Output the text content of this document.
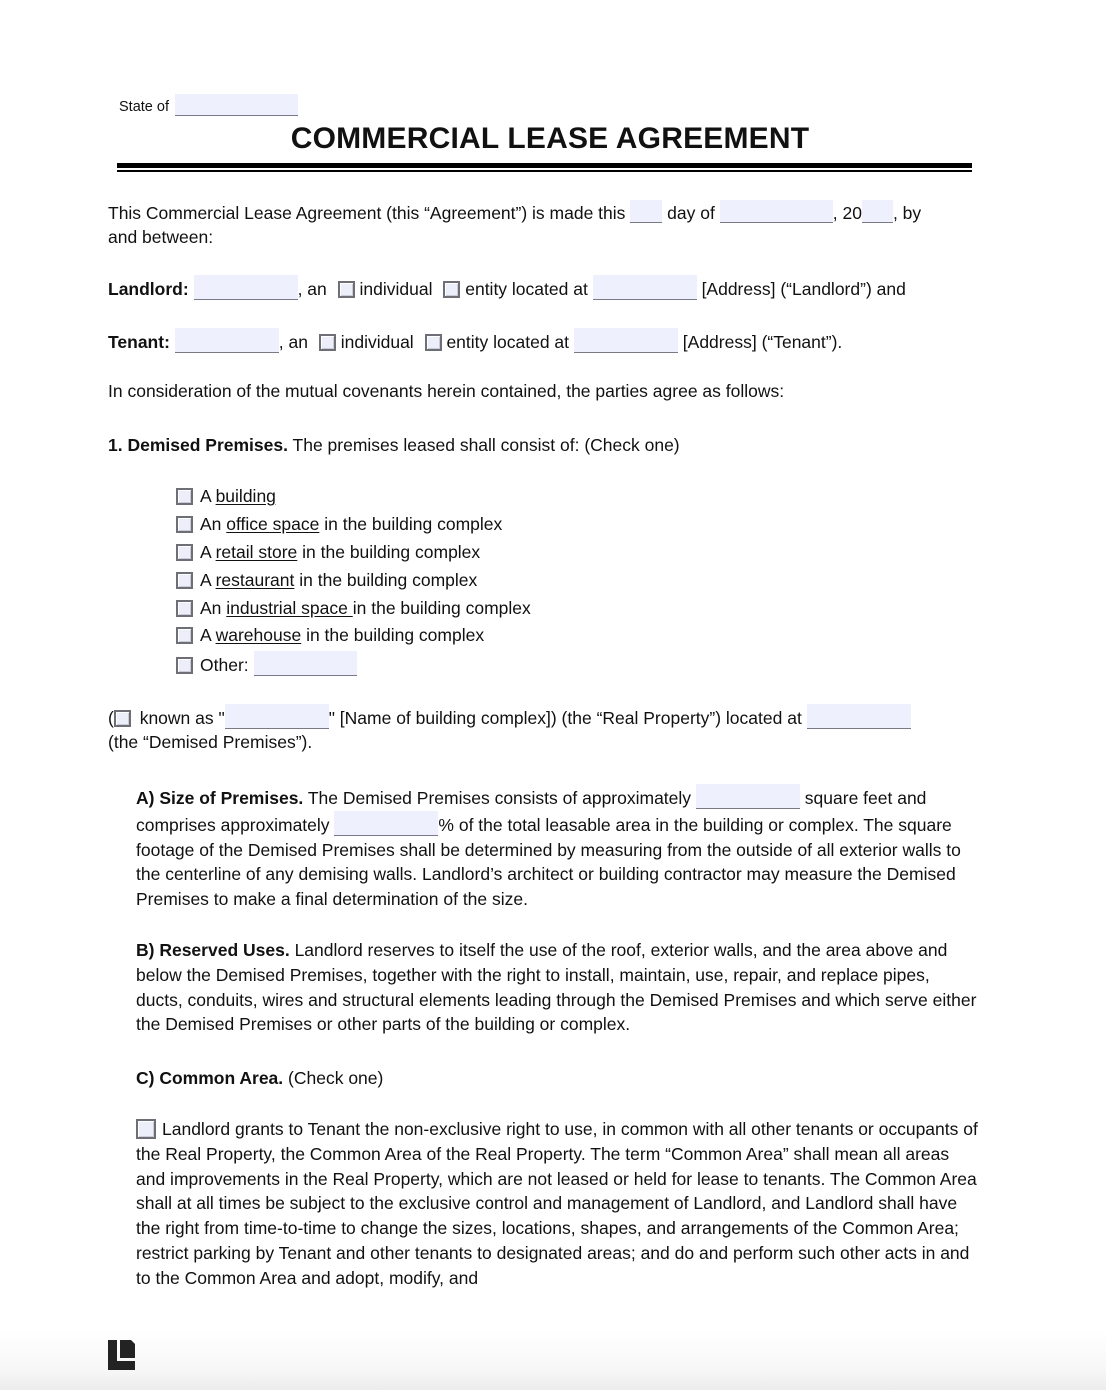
State of
COMMERCIAL LEASE AGREEMENT
This Commercial Lease Agreement (this “Agreement”) is made this day of	, 20 , by
and between:
Landlord:	, an individual entity located at	[Address] (“Landlord”) and
Tenant:	, an individual entity located at	[Address] (“Tenant”).
In consideration of the mutual covenants herein contained, the parties agree as follows:
1. Demised Premises. The premises leased shall consist of: (Check one)
A building
An office space in the building complex
A retail store in the building complex
A restaurant in the building complex
An industrial space in the building complex
A warehouse in the building complex
Other:
( known as "	" [Name of building complex]) (the “Real Property”) located at
(the “Demised Premises”).
A) Size of Premises. The Demised Premises consists of approximately	square feet and comprises approximately	% of the total leasable area in the building or complex. The square footage of the Demised Premises shall be determined by measuring from the outside of all exterior walls to the centerline of any demising walls. Landlord’s architect or building contractor may measure the Demised Premises to make a final determination of the size.
B) Reserved Uses. Landlord reserves to itself the use of the roof, exterior walls, and the area above and below the Demised Premises, together with the right to install, maintain, use, repair, and replace pipes, ducts, conduits, wires and structural elements leading through the Demised Premises and which serve either the Demised Premises or other parts of the building or complex.
C) Common Area. (Check one)
Landlord grants to Tenant the non-exclusive right to use, in common with all other tenants or occupants of the Real Property, the Common Area of the Real Property. The term “Common Area” shall mean all areas and improvements in the Real Property, which are not leased or held for lease to tenants. The Common Area shall at all times be subject to the exclusive control and management of Landlord, and Landlord shall have the right from time-to-time to change the sizes, locations, shapes, and arrangements of the Common Area; restrict parking by Tenant and other tenants to designated areas; and do and perform such other acts in and to the Common Area and adopt, modify, and
